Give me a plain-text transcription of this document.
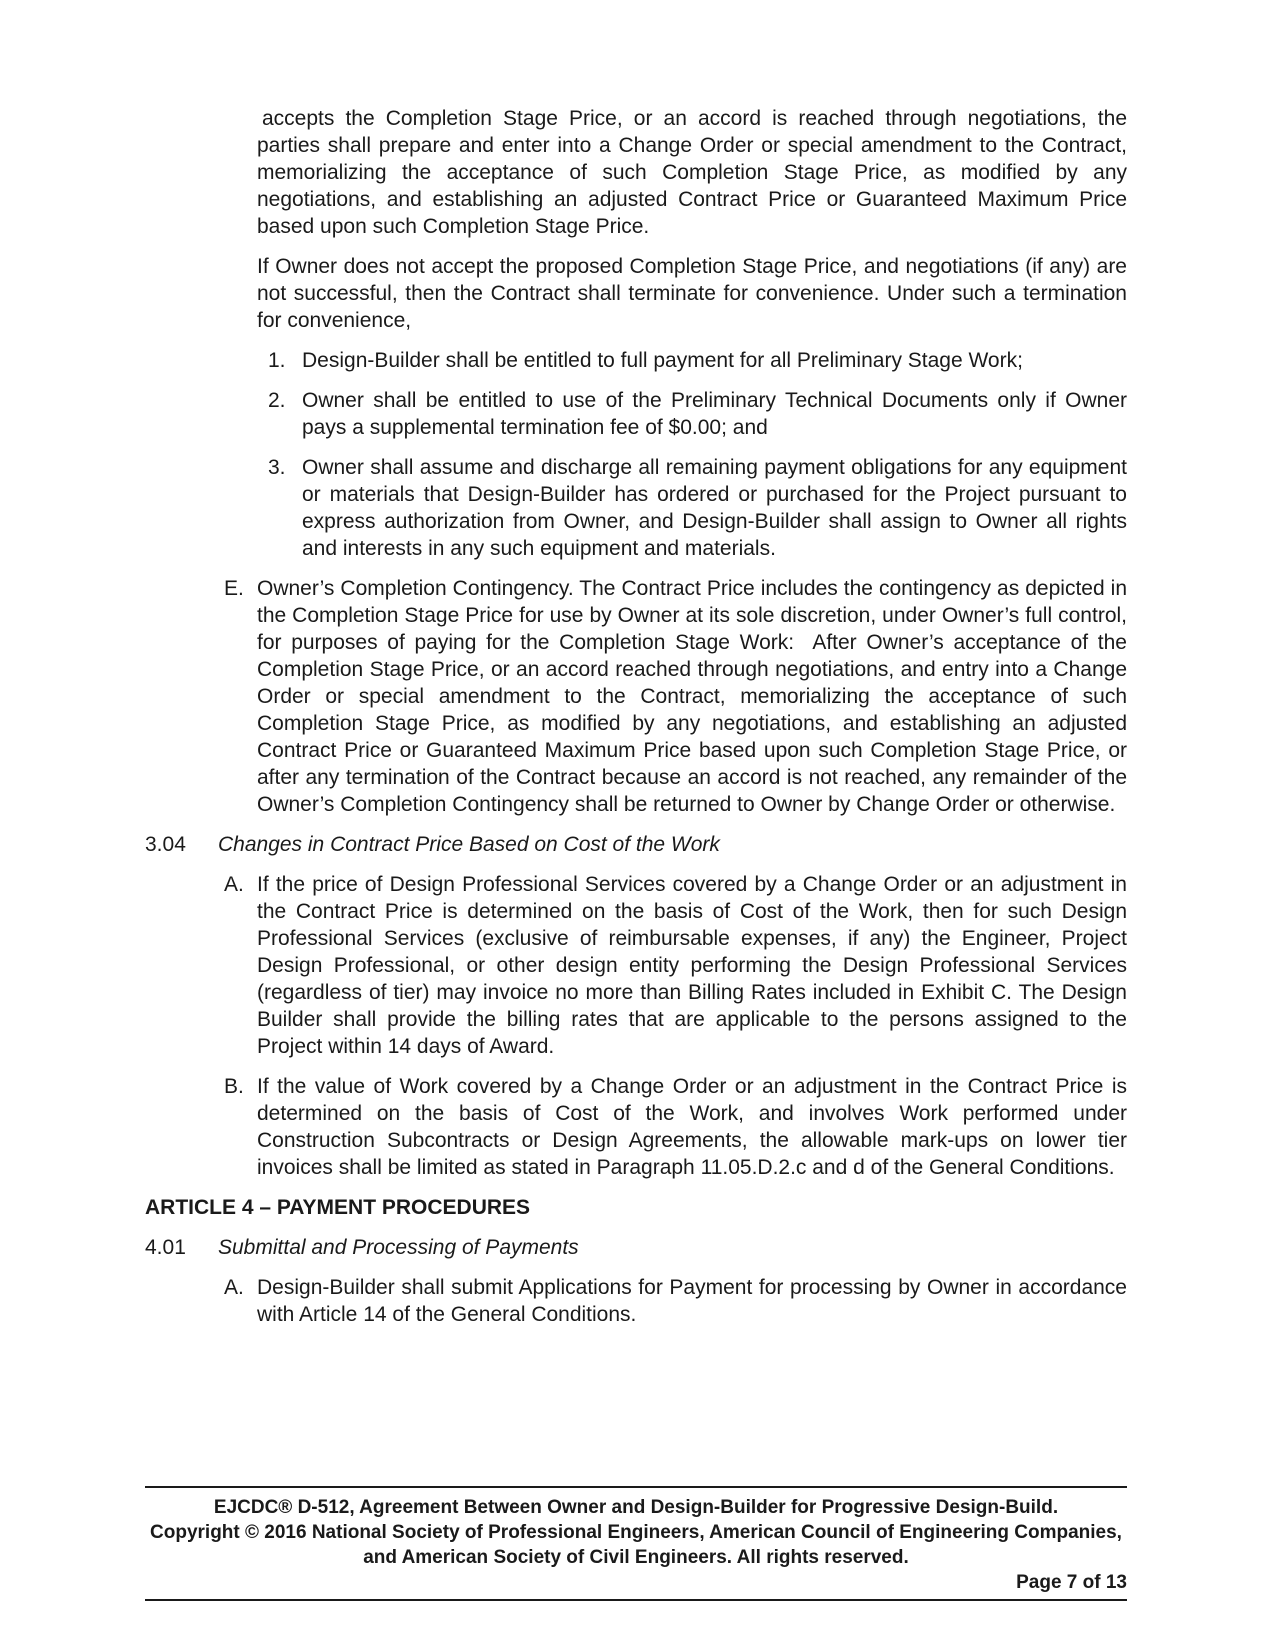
accepts the Completion Stage Price, or an accord is reached through negotiations, the parties shall prepare and enter into a Change Order or special amendment to the Contract, memorializing the acceptance of such Completion Stage Price, as modified by any negotiations, and establishing an adjusted Contract Price or Guaranteed Maximum Price based upon such Completion Stage Price.

If Owner does not accept the proposed Completion Stage Price, and negotiations (if any) are not successful, then the Contract shall terminate for convenience. Under such a termination for convenience,

1. Design-Builder shall be entitled to full payment for all Preliminary Stage Work;
2. Owner shall be entitled to use of the Preliminary Technical Documents only if Owner pays a supplemental termination fee of $0.00; and
3. Owner shall assume and discharge all remaining payment obligations for any equipment or materials that Design-Builder has ordered or purchased for the Project pursuant to express authorization from Owner, and Design-Builder shall assign to Owner all rights and interests in any such equipment and materials.
E. Owner’s Completion Contingency. The Contract Price includes the contingency as depicted in the Completion Stage Price for use by Owner at its sole discretion, under Owner’s full control, for purposes of paying for the Completion Stage Work:  After Owner’s acceptance of the Completion Stage Price, or an accord reached through negotiations, and entry into a Change Order or special amendment to the Contract, memorializing the acceptance of such Completion Stage Price, as modified by any negotiations, and establishing an adjusted Contract Price or Guaranteed Maximum Price based upon such Completion Stage Price, or after any termination of the Contract because an accord is not reached, any remainder of the Owner’s Completion Contingency shall be returned to Owner by Change Order or otherwise.
3.04 Changes in Contract Price Based on Cost of the Work
A. If the price of Design Professional Services covered by a Change Order or an adjustment in the Contract Price is determined on the basis of Cost of the Work, then for such Design Professional Services (exclusive of reimbursable expenses, if any) the Engineer, Project Design Professional, or other design entity performing the Design Professional Services (regardless of tier) may invoice no more than Billing Rates included in Exhibit C. The Design Builder shall provide the billing rates that are applicable to the persons assigned to the Project within 14 days of Award.
B. If the value of Work covered by a Change Order or an adjustment in the Contract Price is determined on the basis of Cost of the Work, and involves Work performed under Construction Subcontracts or Design Agreements, the allowable mark-ups on lower tier invoices shall be limited as stated in Paragraph 11.05.D.2.c and d of the General Conditions.
ARTICLE 4 – PAYMENT PROCEDURES
4.01 Submittal and Processing of Payments
A. Design-Builder shall submit Applications for Payment for processing by Owner in accordance with Article 14 of the General Conditions.
EJCDC® D-512, Agreement Between Owner and Design-Builder for Progressive Design-Build.
Copyright © 2016 National Society of Professional Engineers, American Council of Engineering Companies,
and American Society of Civil Engineers. All rights reserved.
Page 7 of 13
